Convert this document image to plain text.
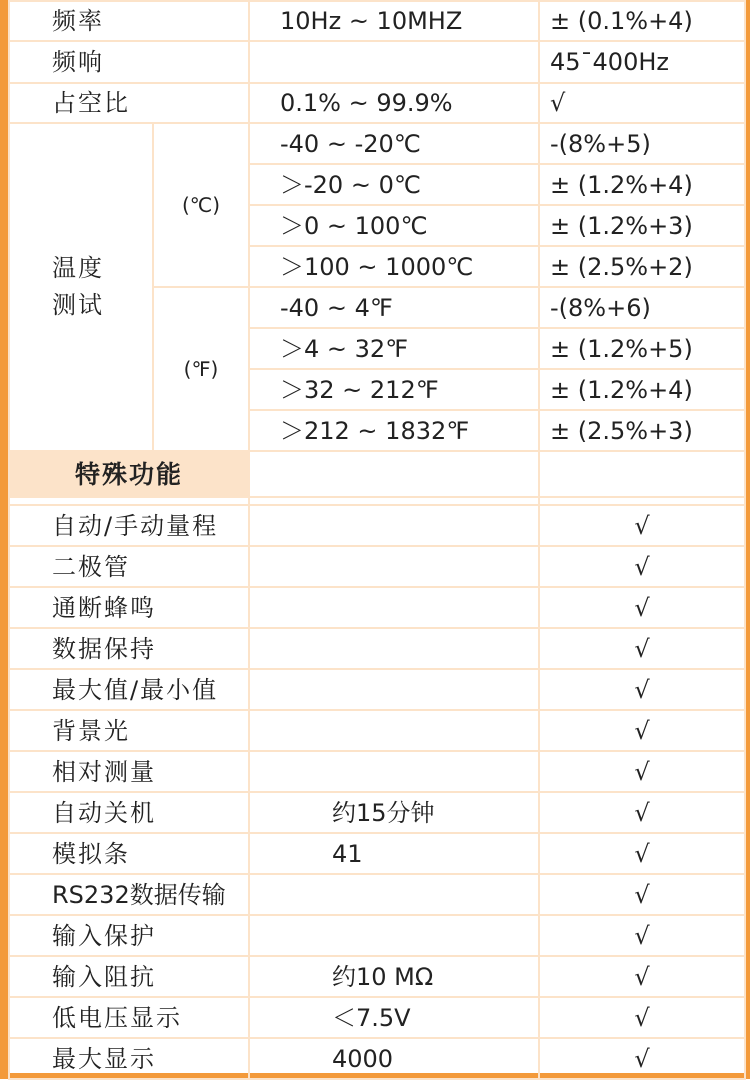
频率		10Hz ~ 10MHZ	± (0.1%+4)
频响			45¯400Hz
占空比		0.1% ~ 99.9%	√

温度
测试	(℃)	-40 ~ -20℃	-(8%+5)
		＞-20 ~ 0℃	± (1.2%+4)
		＞0 ~ 100℃	± (1.2%+3)
		＞100 ~ 1000℃	± (2.5%+2)
	(℉)	-40 ~ 4℉	-(8%+6)
		＞4 ~ 32℉	± (1.2%+5)
		＞32 ~ 212℉	± (1.2%+4)
		＞212 ~ 1832℉	± (2.5%+3)
特殊功能			

自动/手动量程			√
二极管			√
通断蜂鸣			√
数据保持			√
最大值/最小值			√
背景光			√
相对测量			√
自动关机		约15分钟	√
模拟条		41	√
RS232数据传输			√
输入保护			√
输入阻抗		约10 MΩ	√
低电压显示		＜7.5V	√
最大显示		4000	√
